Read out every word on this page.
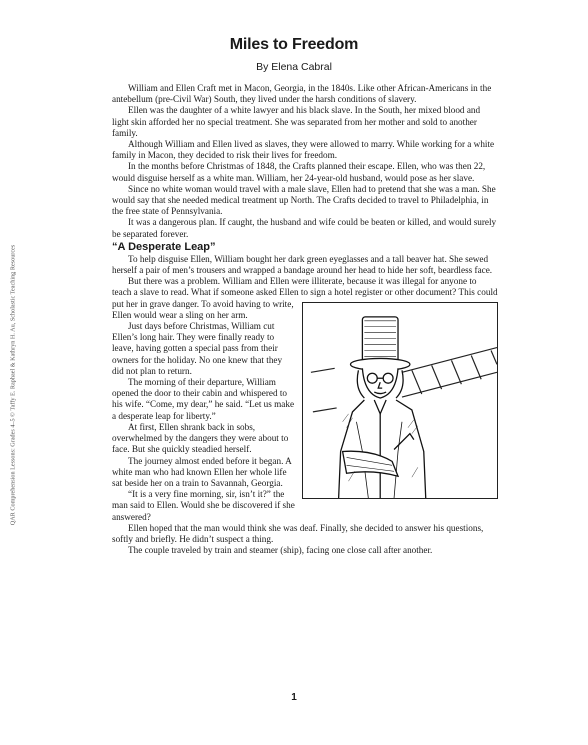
Miles to Freedom
By Elena Cabral
QAR Comprehension Lessons: Grades 4–5 © Taffy E. Raphael & Kathryn H. Au, Scholastic Teaching Resources

William and Ellen Craft met in Macon, Georgia, in the 1840s. Like other African-Americans in the antebellum (pre-Civil War) South, they lived under the harsh conditions of slavery.

Ellen was the daughter of a white lawyer and his black slave. In the South, her mixed blood and light skin afforded her no special treatment. She was separated from her mother and sold to another family.

Although William and Ellen lived as slaves, they were allowed to marry. While working for a white family in Macon, they decided to risk their lives for freedom.

In the months before Christmas of 1848, the Crafts planned their escape. Ellen, who was then 22, would disguise herself as a white man. William, her 24-year-old husband, would pose as her slave.

Since no white woman would travel with a male slave, Ellen had to pretend that she was a man. She would say that she needed medical treatment up North. The Crafts decided to travel to Philadelphia, in the free state of Pennsylvania.

It was a dangerous plan. If caught, the husband and wife could be beaten or killed, and would surely be separated forever.

“A Desperate Leap”

To help disguise Ellen, William bought her dark green eyeglasses and a tall beaver hat. She sewed herself a pair of men’s trousers and wrapped a bandage around her head to hide her soft, beardless face.

But there was a problem. William and Ellen were illiterate, because it was illegal for anyone to teach a slave to read. What if someone asked Ellen to sign a hotel register or other document?
This could put her in grave danger. To avoid having to write, Ellen would wear a sling on her arm.

Just days before Christmas, William cut Ellen’s long hair. They were finally ready to leave, having gotten a special pass from their owners for the holiday. No one knew that they did not plan to return.

The morning of their departure, William opened the door to their cabin and whispered to his wife. “Come, my dear,” he said. “Let us make a desperate leap for liberty.”

At first, Ellen shrank back in sobs, overwhelmed by the dangers they were about to face. But she quickly steadied herself.

The journey almost ended before it began. A white man who had known Ellen her whole life sat beside her on a train to Savannah, Georgia.

“It is a very fine morning, sir, isn’t it?” the man said to Ellen. Would she be discovered if she answered?

Ellen hoped that the man would think she was deaf. Finally, she decided to answer his questions, softly and briefly. He didn’t suspect a thing.

The couple traveled by train and steamer (ship), facing one close call after another.

1
